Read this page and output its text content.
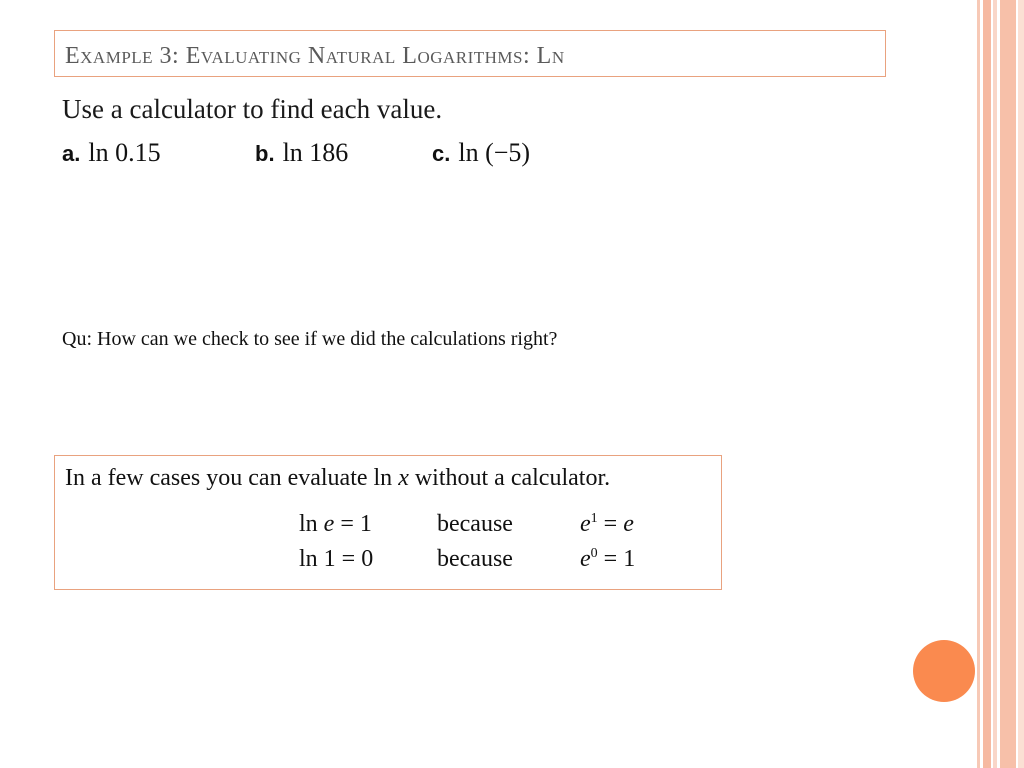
Example 3: Evaluating Natural Logarithms: Ln
Use a calculator to find each value.
a. ln 0.15	b. ln 186	c. ln (−5)
Qu: How can we check to see if we did the calculations right?
In a few cases you can evaluate ln x without a calculator.
ln e = 1	because	$e^1 = e$
ln 1 = 0	because	$e^0 = 1$
